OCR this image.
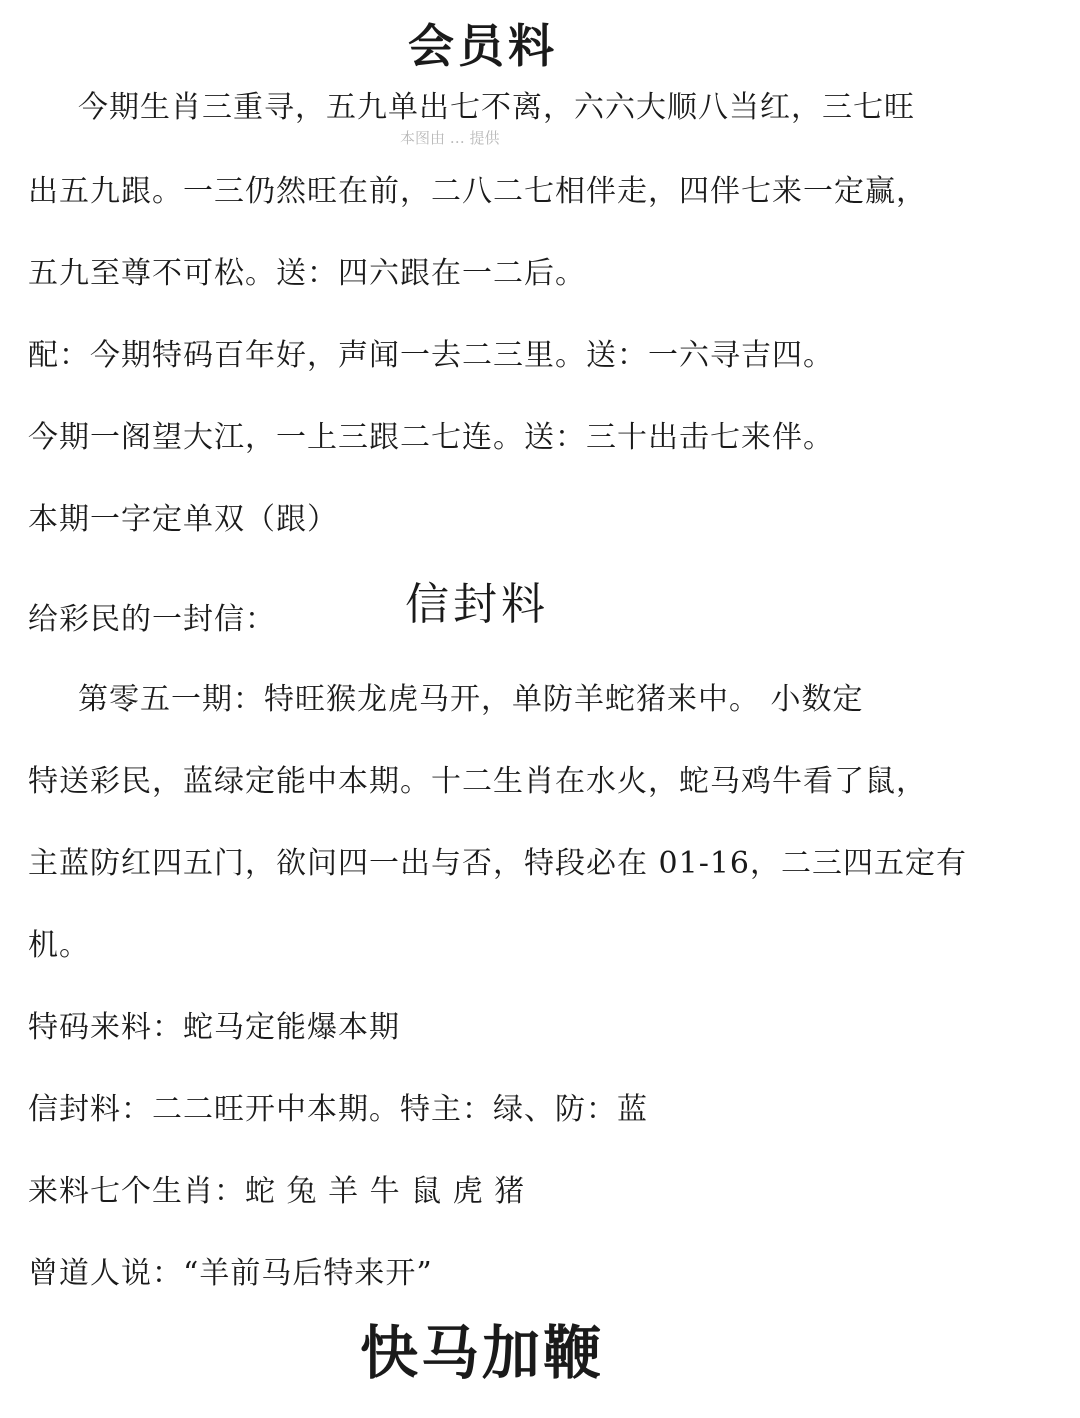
会员料
今期生肖三重寻，五九单出七不离，六六大顺八当红，三七旺
本图由 … 提供
出五九跟。一三仍然旺在前，二八二七相伴走，四伴七来一定赢，
五九至尊不可松。送：四六跟在一二后。
配：今期特码百年好，声闻一去二三里。送：一六寻吉四。
今期一阁望大江，一上三跟二七连。送：三十出击七来伴。
本期一字定单双（跟）
给彩民的一封信：	信封料
第零五一期：特旺猴龙虎马开，单防羊蛇猪来中。 小数定
特送彩民，蓝绿定能中本期。十二生肖在水火，蛇马鸡牛看了鼠，
主蓝防红四五门，欲问四一出与否，特段必在 01-16，二三四五定有
机。
特码来料：蛇马定能爆本期
信封料：二二旺开中本期。特主：绿、防：蓝
来料七个生肖：蛇 兔 羊 牛 鼠 虎 猪
曾道人说：“羊前马后特来开”
快马加鞭
